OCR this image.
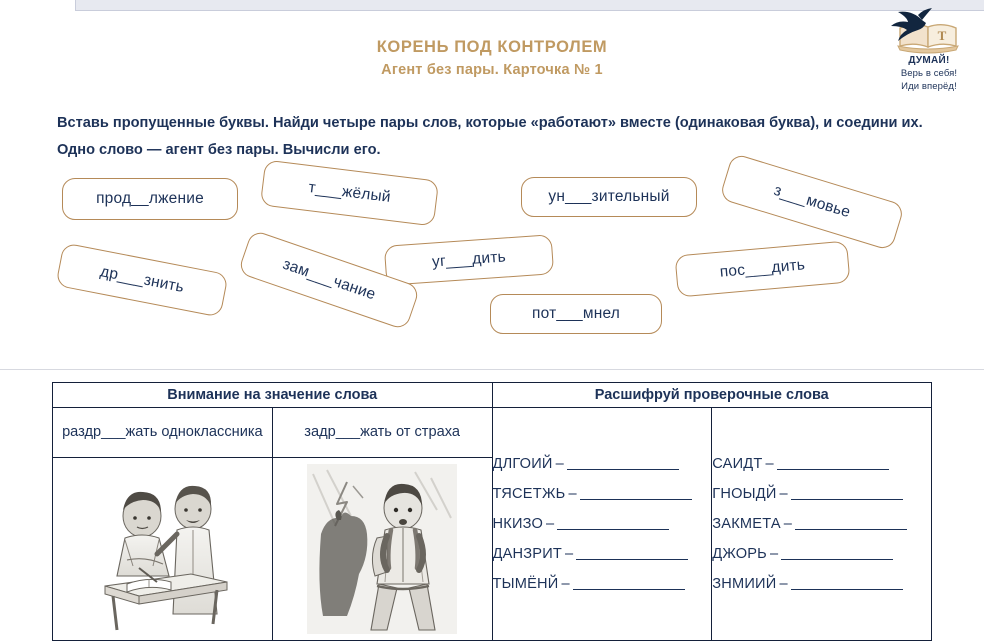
Т
ДУМАЙ!
Верь в себя!
Иди вперёд!
КОРЕНЬ ПОД КОНТРОЛЕМ
Агент без пары. Карточка № 1
Вставь пропущенные буквы. Найди четыре пары слов, которые «работают» вместе (одинаковая буква), и соедини их. Одно слово — агент без пары. Вычисли его.
прод__лжение	т___жёлый	ун___зительный	з___мовье
уг___дить	пос___дить
др___знить	зам___чание
пот___мнел
Внимание на значение слова		Расшифруй проверочные слова	
раздр___жать одноклассника	задр___жать от страха	
ДЛГОИЙ –
ТЯСЕТЖЬ –
НКИЗО –
ДАНЗРИТ –
ТЫМЁНЙ –

САИДТ –
ГНОЫДЙ –
ЗАКМЕТА –
ДЖОРЬ –
ЗНМИИЙ –
